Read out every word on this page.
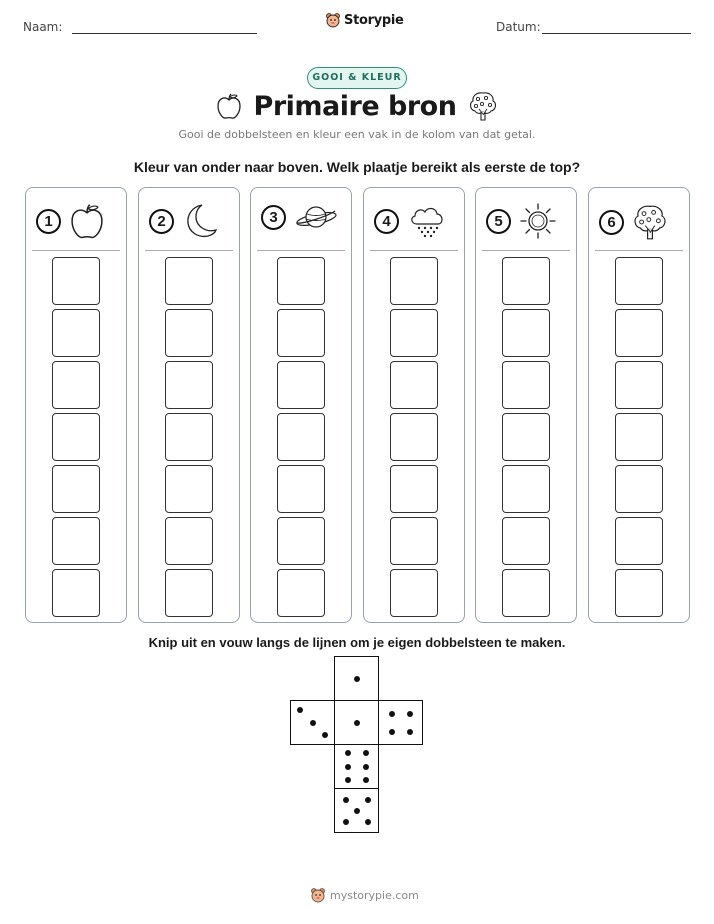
Naam:	Storypie	Datum:
GOOI & KLEUR
Primaire bron
Gooi de dobbelsteen en kleur een vak in de kolom van dat getal.
Kleur van onder naar boven. Welk plaatje bereikt als eerste de top?
1	2	3	4	5	6
Knip uit en vouw langs de lijnen om je eigen dobbelsteen te maken.
mystorypie.com
